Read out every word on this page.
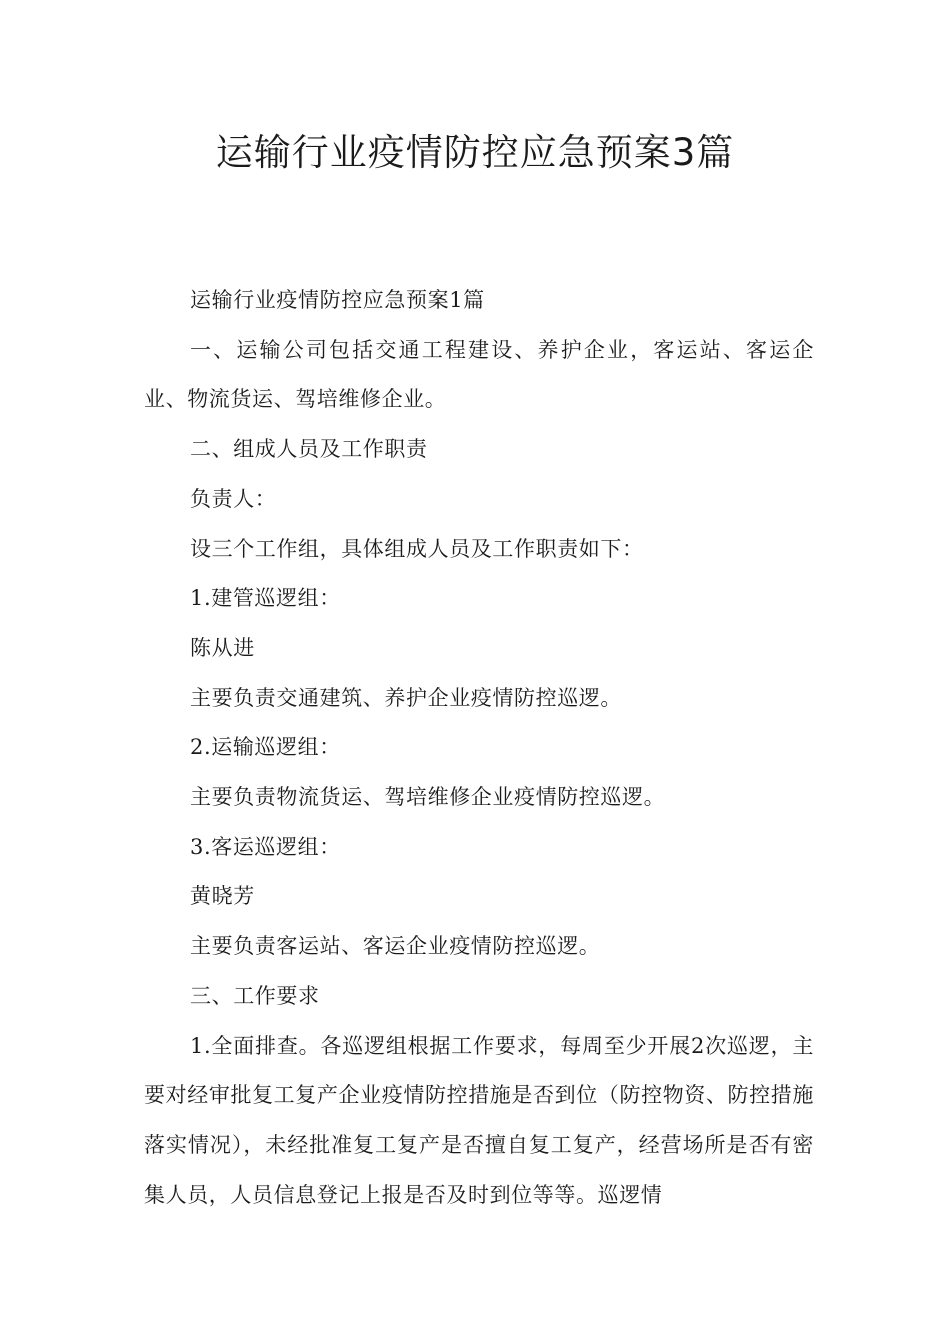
运输行业疫情防控应急预案3篇

运输行业疫情防控应急预案1篇

一、运输公司包括交通工程建设、养护企业，客运站、客运企业、物流货运、驾培维修企业。

二、组成人员及工作职责

负责人：

设三个工作组，具体组成人员及工作职责如下：

1.建管巡逻组：

陈从进

主要负责交通建筑、养护企业疫情防控巡逻。

2.运输巡逻组：

主要负责物流货运、驾培维修企业疫情防控巡逻。

3.客运巡逻组：

黄晓芳

主要负责客运站、客运企业疫情防控巡逻。

三、工作要求

1.全面排查。各巡逻组根据工作要求，每周至少开展2次巡逻，主要对经审批复工复产企业疫情防控措施是否到位（防控物资、防控措施落实情况），未经批准复工复产是否擅自复工复产，经营场所是否有密集人员，人员信息登记上报是否及时到位等等。巡逻情
